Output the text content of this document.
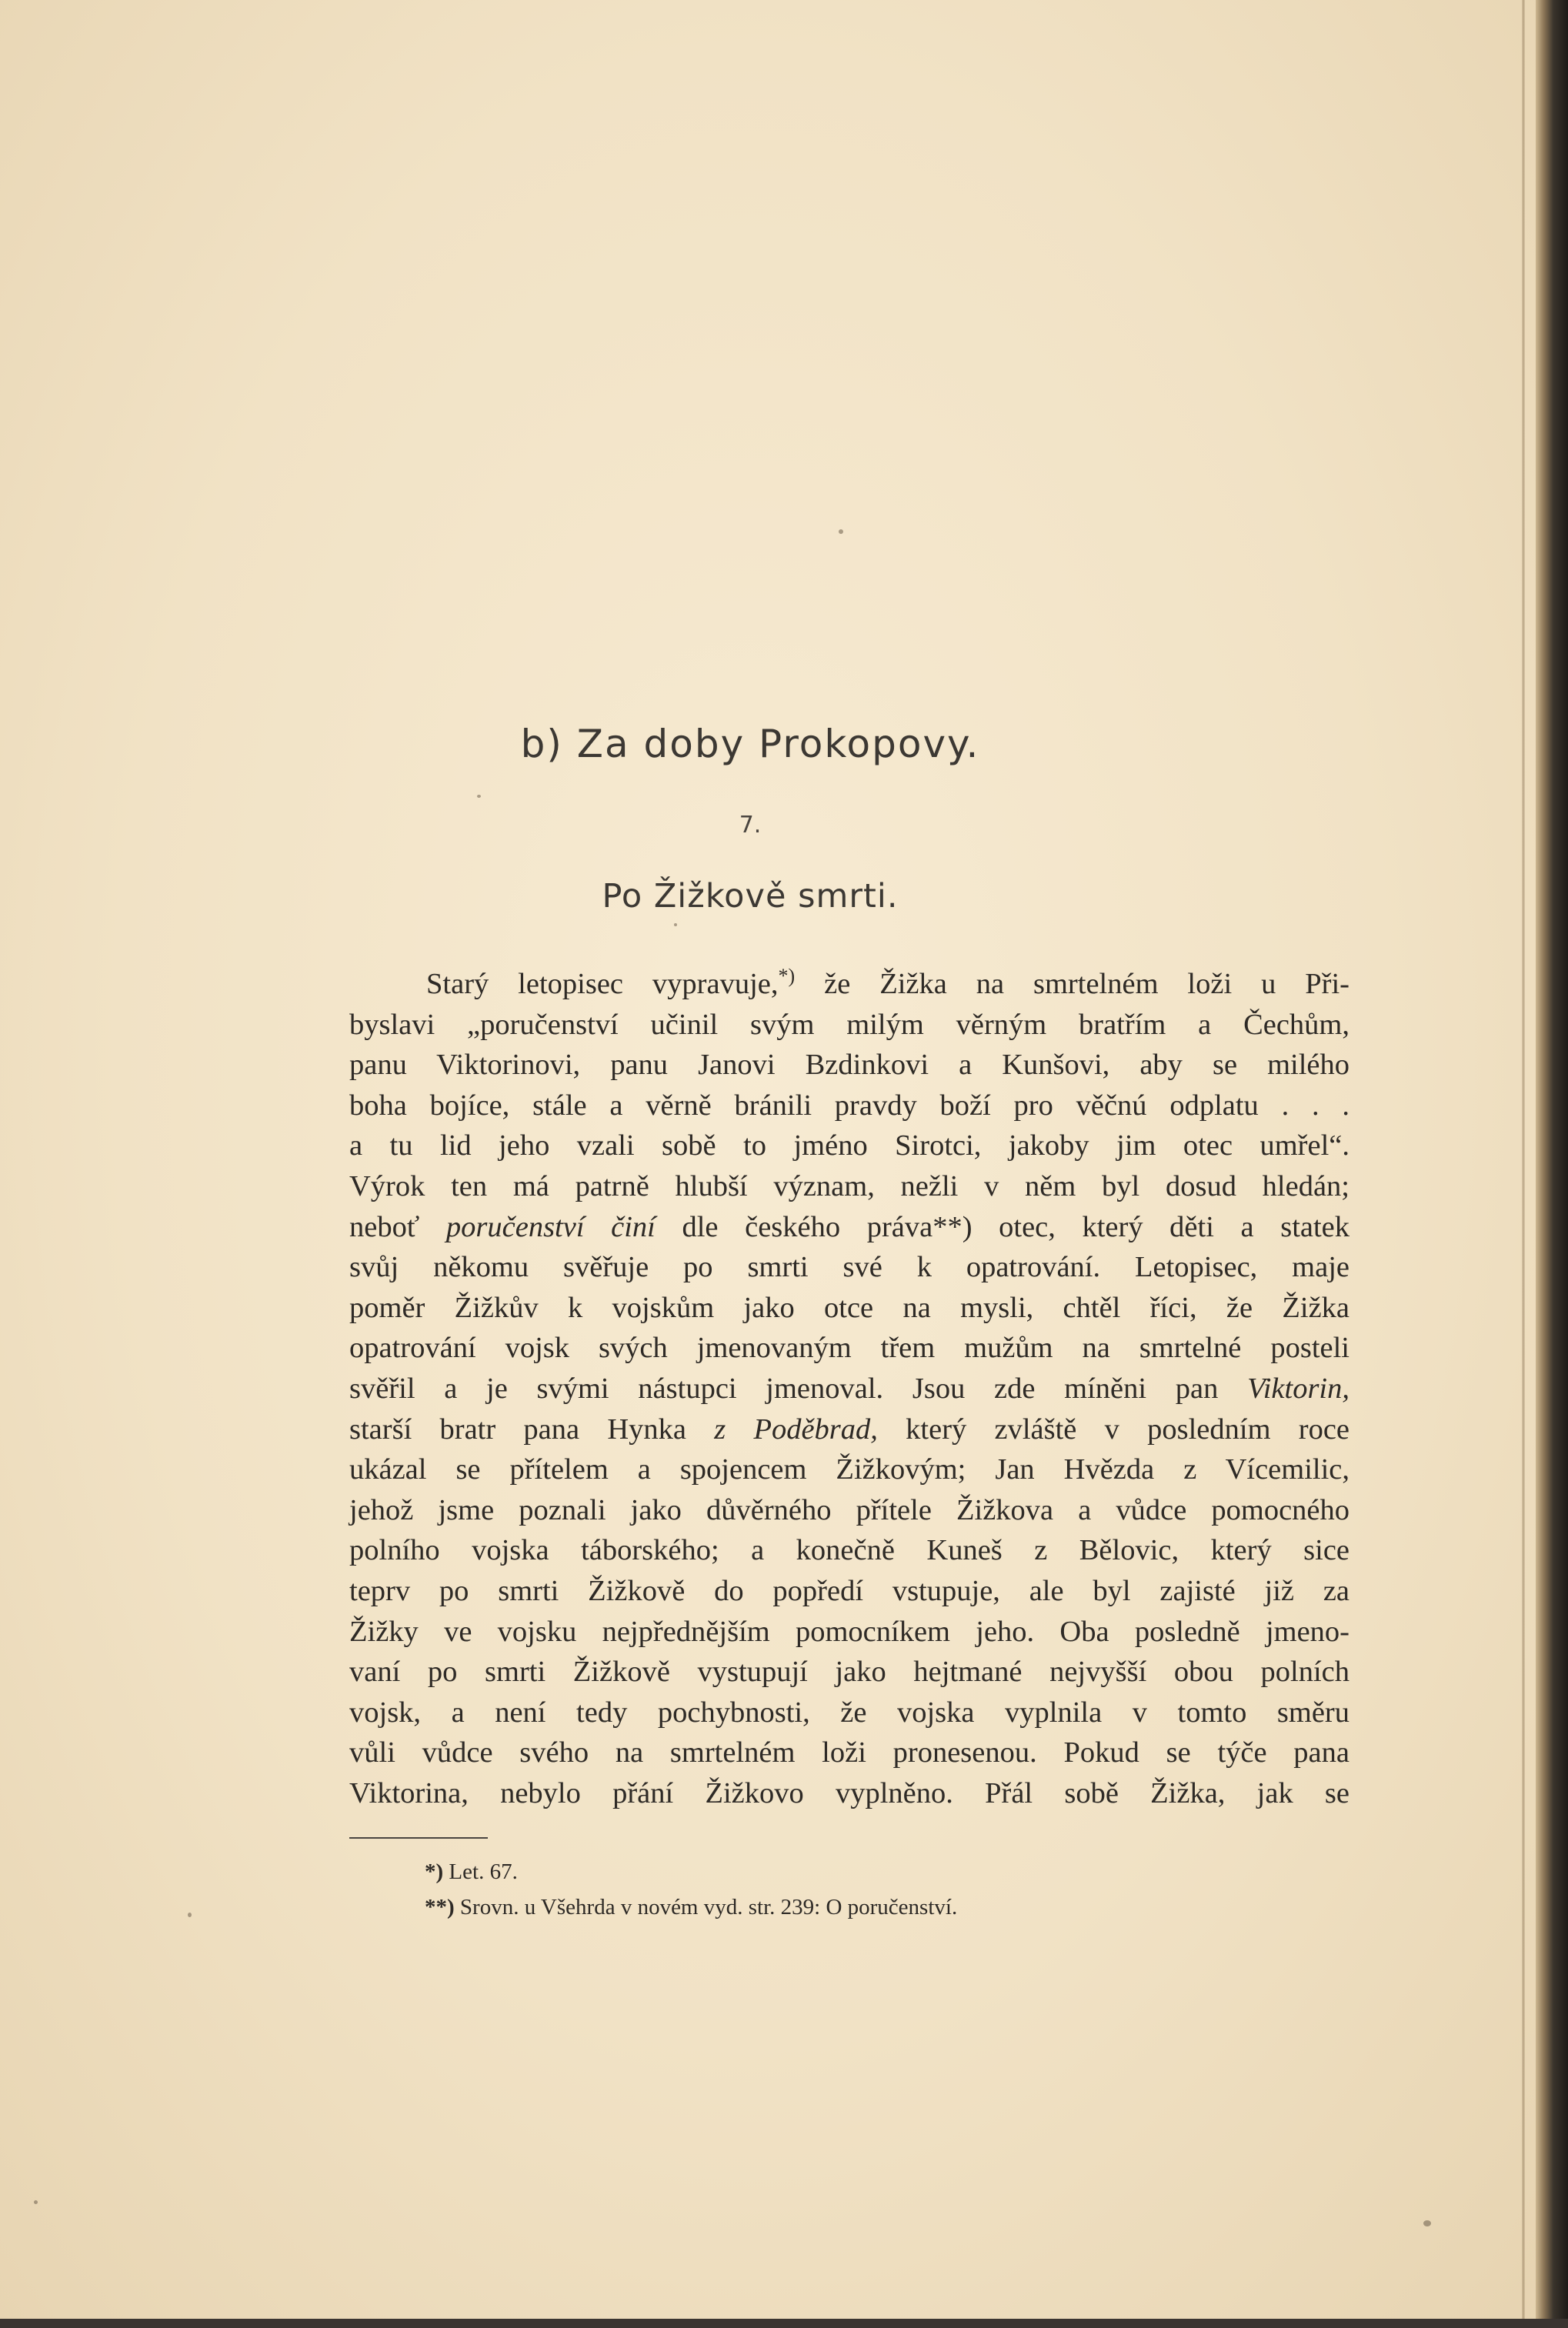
b) Za doby Prokopovy.
7.
Po Žižkově smrti.
Starý letopisec vypravuje,*) že Žižka na smrtelném loži u Při-
byslavi „poručenství učinil svým milým věrným bratřím a Čechům,
panu Viktorinovi, panu Janovi Bzdinkovi a Kunšovi, aby se milého
boha bojíce, stále a věrně bránili pravdy boží pro věčnú odplatu . . .
a tu lid jeho vzali sobě to jméno Sirotci, jakoby jim otec umřel“.
Výrok ten má patrně hlubší význam, nežli v něm byl dosud hledán;
neboť poručenství činí dle českého práva**) otec, který děti a statek
svůj někomu svěřuje po smrti své k opatrování. Letopisec, maje
poměr Žižkův k vojskům jako otce na mysli, chtěl říci, že Žižka
opatrování vojsk svých jmenovaným třem mužům na smrtelné posteli
svěřil a je svými nástupci jmenoval. Jsou zde míněni pan Viktorin,
starší bratr pana Hynka z Poděbrad, který zvláště v posledním roce
ukázal se přítelem a spojencem Žižkovým; Jan Hvězda z Vícemilic,
jehož jsme poznali jako důvěrného přítele Žižkova a vůdce pomocného
polního vojska táborského; a konečně Kuneš z Bělovic, který sice
teprv po smrti Žižkově do popředí vstupuje, ale byl zajisté již za
Žižky ve vojsku nejpřednějším pomocníkem jeho. Oba posledně jmeno-
vaní po smrti Žižkově vystupují jako hejtmané nejvyšší obou polních
vojsk, a není tedy pochybnosti, že vojska vyplnila v tomto směru
vůli vůdce svého na smrtelném loži pronesenou. Pokud se týče pana
Viktorina, nebylo přání Žižkovo vyplněno. Přál sobě Žižka, jak se
*) Let. 67.
**) Srovn. u Všehrda v novém vyd. str. 239: O poručenství.
